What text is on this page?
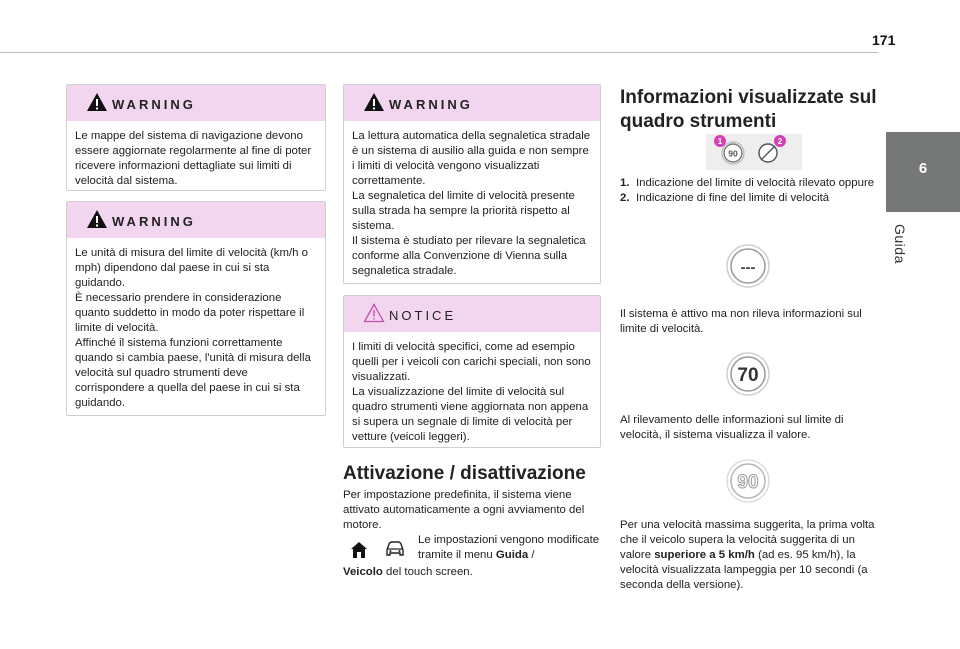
171
6
Guida
WARNING

Le mappe del sistema di navigazione devono essere aggiornate regolarmente al fine di poter ricevere informazioni dettagliate sui limiti di velocità dal sistema.

WARNING

Le unità di misura del limite di velocità (km/h o mph) dipendono dal paese in cui si sta guidando.

È necessario prendere in considerazione quanto suddetto in modo da poter rispettare il limite di velocità.

Affinché il sistema funzioni correttamente quando si cambia paese, l'unità di misura della velocità sul quadro strumenti deve corrispondere a quella del paese in cui si sta guidando.

WARNING

La lettura automatica della segnaletica stradale è un sistema di ausilio alla guida e non sempre i limiti di velocità vengono visualizzati correttamente.

La segnaletica del limite di velocità presente sulla strada ha sempre la priorità rispetto al sistema.

Il sistema è studiato per rilevare la segnaletica conforme alla Convenzione di Vienna sulla segnaletica stradale.

NOTICE

I limiti di velocità specifici, come ad esempio quelli per i veicoli con carichi speciali, non sono visualizzati.

La visualizzazione del limite di velocità sul quadro strumenti viene aggiornata non appena si supera un segnale di limite di velocità per vetture (veicoli leggeri).

Attivazione / disattivazione
Per impostazione predefinita, il sistema viene attivato automaticamente a ogni avviamento del motore.
Le impostazioni vengono modificate tramite il menu Guida /
Veicolo del touch screen.
Informazioni visualizzate sul
quadro strumenti
90
1	2
1. Indicazione del limite di velocità rilevato oppure
2. Indicazione di fine del limite di velocità
---
Il sistema è attivo ma non rileva informazioni sul limite di velocità.
70
Al rilevamento delle informazioni sul limite di velocità, il sistema visualizza il valore.
90
Per una velocità massima suggerita, la prima volta che il veicolo supera la velocità suggerita di un valore superiore a 5 km/h (ad es. 95 km/h), la velocità visualizzata lampeggia per 10 secondi (a seconda della versione).
